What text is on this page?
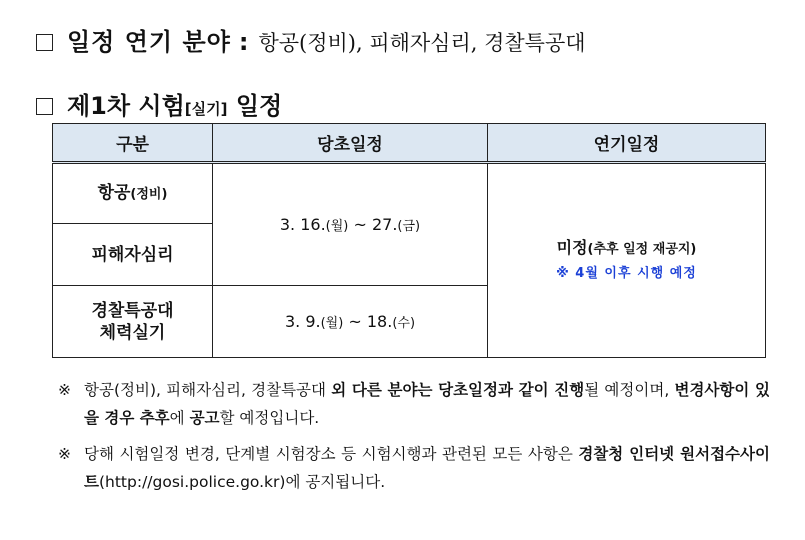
일정 연기 분야 : 항공(정비), 피해자심리, 경찰특공대
제1차 시험 [실기] 일정
구분	당초일정	연기일정
항공(정비)	3. 16.(월) ~ 27.(금)	미정(추후 일정 재공지)
※ 4월 이후 시행 예정

피해자심리		

경찰특공대
체력실기	3. 9.(월) ~ 18.(수)	
※ 항공(정비), 피해자심리, 경찰특공대 외 다른 분야는 당초일정과 같이 진행될 예정이며, 변경사항이 있을 경우 추후에 공고할 예정입니다.
※ 당해 시험일정 변경, 단계별 시험장소 등 시험시행과 관련된 모든 사항은 경찰청 인터넷 원서접수사이트(http://gosi.police.go.kr)에 공지됩니다.
